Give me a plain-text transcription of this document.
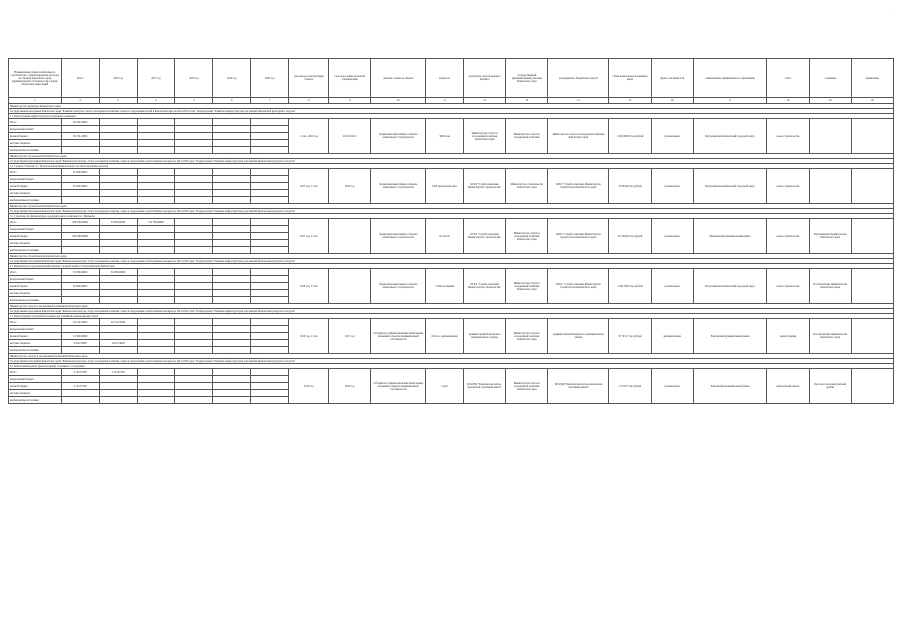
·
Наименование объекта капитального строительства, софинансирование расходов на объекты Камчатского края (муниципальной собственности) в форме бюджетных инвестиций	Итого	2016 год	2017 год	2018 год	2019 год	2020 год	срок ввода в эксплуатацию объекта	срок подготовки проектной документации	сметная стоимость объекта	мощность	получатель средств краевого бюджета	государственный (муниципальный) заказчик Камчатского края	распорядитель бюджетных средств	объем капитальных вложений в ценах	форма собственности	наименование муниципального образования	статус	основание	примечание
1	2	3	4	5	6	7	8	9	10	11	12	13	14	15	16	17	18	19	20
Министерство культуры Камчатского края																			
Государственная программа Камчатского края "Развитие культуры, спорта, молодежной политики, отдыха и оздоровления детей в Камчатском крае на 2014-2018 годы". Подпрограмма "Развитие инфраструктуры для занятий физической культурой и спортом"																			
1.1 Реконструкция инфраструктуры спортивного комплекса																			
Итого	28 254,10000						1 этап - 2016 год	2015-2016 гг	бюджетные инвестиции в объекты капитального строительства	3600 м кв	Министерство спорта и молодежной политики Камчатского края	Министерство спорта и молодежной политики	Министерство спорта и молодежной политики Камчатского края	1 000 000,00 тыс.рублей	региональная	Петропавловск-Камчатский городской округ	новое строительство		
федеральный бюджет																			
краевой бюджет	28 254,10000																		
местные бюджеты																			
внебюджетные источники																			
Министерство строительства Камчатского края																			
Государственная программа Камчатского края "Физическая культура, спорт, молодежная политика, отдых и оздоровление детей в Камчатском крае на 2014-2018 годы". Подпрограмма "Развитие инфраструктуры для занятий физической культурой и спортом"																			
2.1 Стадион "Спартак" в г. Петропавловске-Камчатском (в том числе проектные работы)																			
Итого	32 000,00000						2015 год, 1 этап	2016 год	бюджетные инвестиции в объекты капитального строительства	1500 зрительских мест	КГКУ "Служба заказчика Министерства строительства"	Министерство строительства Камчатского края	КГКУ "Служба заказчика Министерства строительства Камчатского края"	75 000,00 тыс.рублей	региональная	Петропавловск-Камчатский городской округ	новое строительство		
федеральный бюджет																			
краевой бюджет	32 000,00000																		
местные бюджеты																			
внебюджетные источники																			
Министерство строительства Камчатского края																			
Государственная программа Камчатского края "Физическая культура, спорт, молодежная политика, отдых и оздоровление детей в Камчатском крае на 2014-2018 годы". Подпрограмма "Развитие инфраструктуры для занятий физической культурой и спортом"																			
3.1 Строительство физкультурно-оздоровительного комплекса в с. Мильково																			
Итого	286 788,40000	54 000,00000	152 788,40000				2017 год, 2 этап		бюджетные инвестиции в объекты капитального строительства	65 чел/см	КГКУ "Служба заказчика Министерства строительства"	Министерство спорта и молодежной политики Камчатского края	КГКУ "Служба заказчика Министерства строительства Камчатского края"	310 000,00 тыс.рублей	региональная	Мильковский муниципальный район	новое строительство	Распоряжение Правительства Камчатского края	
федеральный бюджет																			
краевой бюджет	286 788,40000																		
местные бюджеты																			
внебюджетные источники																			
Министерство строительства Камчатского края																			
Государственная программа Камчатского края "Физическая культура, спорт, молодежная политика, отдых и оздоровление детей в Камчатском крае на 2014-2018 годы". Подпрограмма "Развитие инфраструктуры для занятий физической культурой и спортом"																			
4.1 Физкультурно-оздоровительный комплекс с водной зоной в г. Петропавловске-Камчатском																			
Итого	30 000,00000	30 000,00000					2018 год, 3 этап		бюджетные инвестиции в объекты капитального строительства	3 500 посещений	КГКУ "Служба заказчика Министерства строительства"	Министерство спорта и молодежной политики Камчатского края	КГКУ "Служба заказчика Министерства строительства Камчатского края"	2 500 700,0 тыс.рублей	региональная	Петропавловск-Камчатский городской округ	новое строительство	Постановление Правительства Камчатского края	
федеральный бюджет																			
краевой бюджет	30 000,00000																		
местные бюджеты																			
внебюджетные источники																			
Министерство спорта и молодежной политики Камчатского края																			
Государственная программа Камчатского края "Физическая культура, спорт, молодежная политика, отдых и оздоровление детей в Камчатском крае на 2014-2018 годы". Подпрограмма "Развитие инфраструктуры для занятий физической культурой и спортом"																			
5.1 Реконструкция спортивной площадки для занятий игровыми видами спорта																			
Итого	20 154,74000	20 154,74000					2016 год, 1 этап	2015 год	субсидии на софинансирование капитальных вложений в объекты муниципальной собственности	100 чел. единовременно	Администрация Елизовского муниципального района	Министерство спорта и молодежной политики Камчатского края	Администрация Елизовского муниципального района	35 723,17 тыс.рублей	муниципальная	Елизовский муниципальный район	реконструкция	Постановление Правительства Камчатского края	
федеральный бюджет																			
краевой бюджет	15 500,00000																		
местные бюджеты	4 654,74000	4 654,74000																	
внебюджетные источники																			
Министерство спорта и молодежной политики Камчатского края																			
Государственная программа Камчатского края "Физическая культура, спорт, молодежная политика, отдых и оздоровление детей в Камчатском крае на 2014-2018 годы". Подпрограмма "Развитие инфраструктуры для занятий физической культурой и спортом"																			
6.1 Капитальный ремонт (реконструкция) спортивного сооружения																			
Итого	4 723,07700	4 723,07700					2016 год	2016 год	субсидии на софинансирование капитальных вложений в объекты муниципальной собственности	1 корт	КГАУДО "Комплексная детско-юношеская спортивная школа"	Министерство спорта и молодежной политики Камчатского края	КГАУДО "Комплексная детско-юношеская спортивная школа"	4 723,07 тыс.рублей	региональная	Елизовский муниципальный район	капитальный ремонт	Протокол заседания рабочей группы	
федеральный бюджет																			
краевой бюджет	4 723,07700																		
местные бюджеты																			
внебюджетные источники																			
